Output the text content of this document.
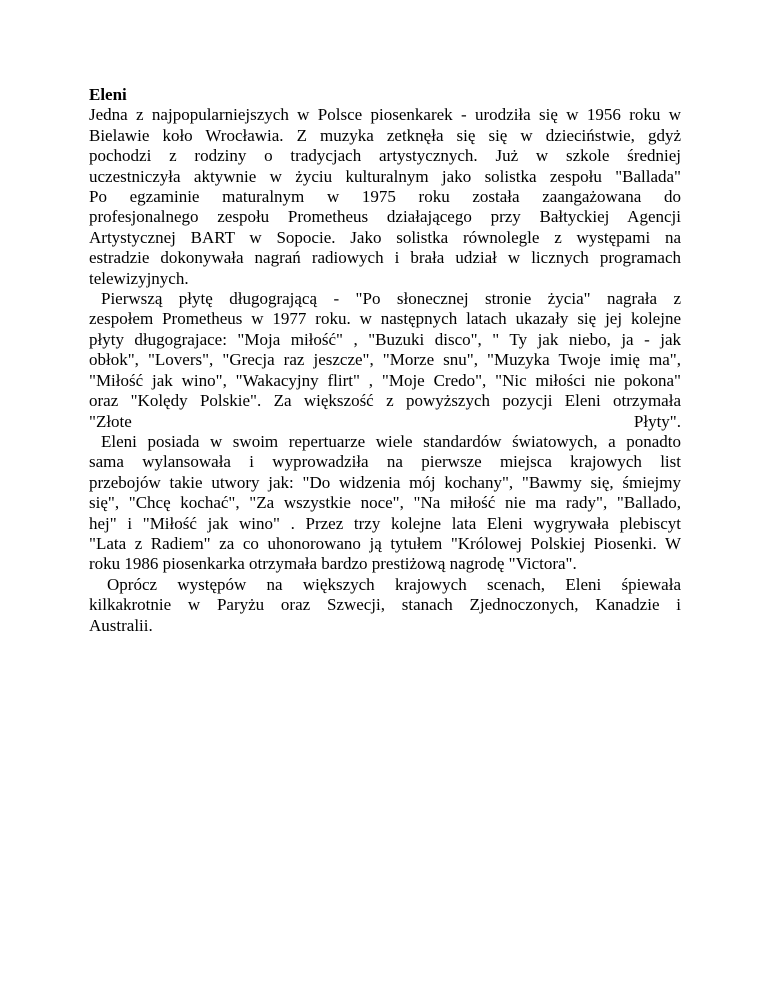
Eleni
Jedna z najpopularniejszych w Polsce piosenkarek - urodziła się w 1956 roku w
Bielawie koło Wrocławia. Z muzyka zetknęła się się w dzieciństwie, gdyż
pochodzi z rodziny o tradycjach artystycznych. Już w szkole średniej
uczestniczyła aktywnie w życiu kulturalnym jako solistka zespołu "Ballada"
Po egzaminie maturalnym w 1975 roku została zaangażowana do
profesjonalnego zespołu Prometheus działającego przy Bałtyckiej Agencji
Artystycznej BART w Sopocie. Jako solistka równolegle z występami na
estradzie dokonywała nagrań radiowych i brała udział w licznych programach
telewizyjnych.
Pierwszą płytę długogrającą - "Po słonecznej stronie życia" nagrała z
zespołem Prometheus w 1977 roku. w następnych latach ukazały się jej kolejne
płyty długograjace: "Moja miłość" , "Buzuki disco", " Ty jak niebo, ja - jak
obłok", "Lovers", "Grecja raz jeszcze", "Morze snu", "Muzyka Twoje imię ma",
"Miłość jak wino", "Wakacyjny flirt" , "Moje Credo", "Nic miłości nie pokona"
oraz "Kolędy Polskie". Za większość z powyższych pozycji Eleni otrzymała
"Złote Płyty".
Eleni posiada w swoim repertuarze wiele standardów światowych, a ponadto
sama wylansowała i wyprowadziła na pierwsze miejsca krajowych list
przebojów takie utwory jak: "Do widzenia mój kochany", "Bawmy się, śmiejmy
się", "Chcę kochać", "Za wszystkie noce", "Na miłość nie ma rady", "Ballado,
hej" i "Miłość jak wino" . Przez trzy kolejne lata Eleni wygrywała plebiscyt
"Lata z Radiem" za co uhonorowano ją tytułem "Królowej Polskiej Piosenki. W
roku 1986 piosenkarka otrzymała bardzo prestiżową nagrodę "Victora".
Oprócz występów na większych krajowych scenach, Eleni śpiewała
kilkakrotnie w Paryżu oraz Szwecji, stanach Zjednoczonych, Kanadzie i
Australii.
